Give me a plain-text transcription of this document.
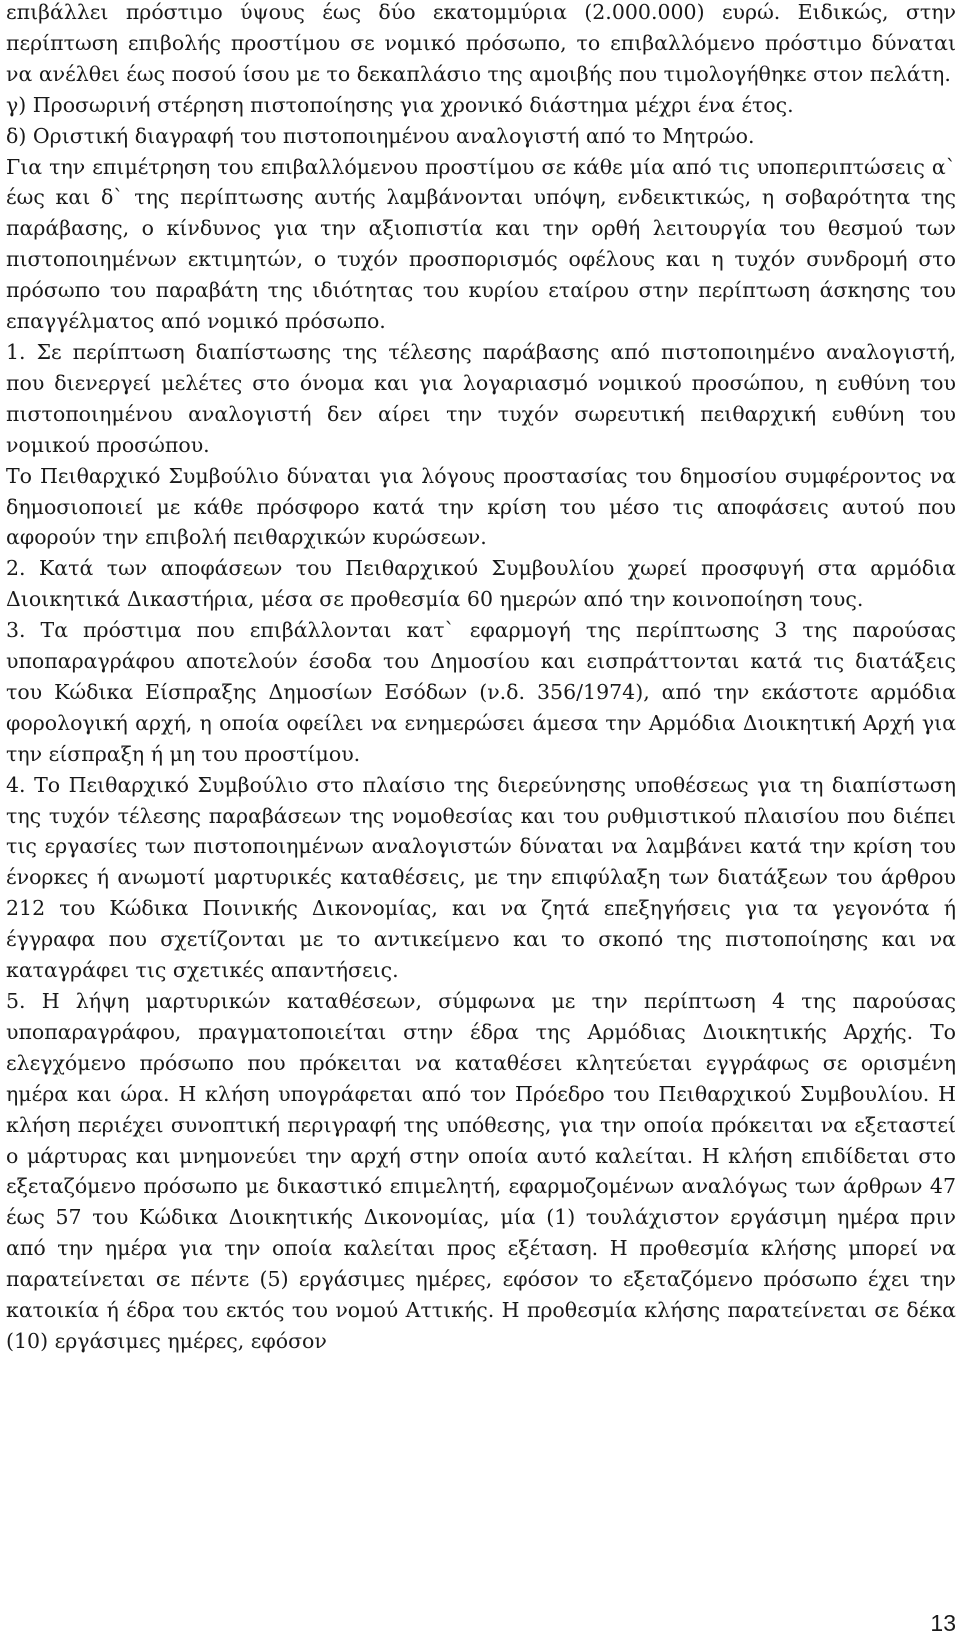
επιβάλλει πρόστιμο ύψους έως δύο εκατομμύρια (2.000.000) ευρώ. Ειδικώς, στην περίπτωση επιβολής προστίμου σε νομικό πρόσωπο, το επιβαλλόμενο πρόστιμο δύναται να ανέλθει έως ποσού ίσου με το δεκαπλάσιο της αμοιβής που τιμολογήθηκε στον πελάτη.

γ) Προσωρινή στέρηση πιστοποίησης για χρονικό διάστημα μέχρι ένα έτος.

δ) Οριστική διαγραφή του πιστοποιημένου αναλογιστή από το Μητρώο.

Για την επιμέτρηση του επιβαλλόμενου προστίμου σε κάθε μία από τις υποπεριπτώσεις α` έως και δ` της περίπτωσης αυτής λαμβάνονται υπόψη, ενδεικτικώς, η σοβαρότητα της παράβασης, ο κίνδυνος για την αξιοπιστία και την ορθή λειτουργία του θεσμού των πιστοποιημένων εκτιμητών, ο τυχόν προσπορισμός οφέλους και η τυχόν συνδρομή στο πρόσωπο του παραβάτη της ιδιότητας του κυρίου εταίρου στην περίπτωση άσκησης του επαγγέλματος από νομικό πρόσωπο.

1. Σε περίπτωση διαπίστωσης της τέλεσης παράβασης από πιστοποιημένο αναλογιστή, που διενεργεί μελέτες στο όνομα και για λογαριασμό νομικού προσώπου, η ευθύνη του πιστοποιημένου αναλογιστή δεν αίρει την τυχόν σωρευτική πειθαρχική ευθύνη του νομικού προσώπου.

Το Πειθαρχικό Συμβούλιο δύναται για λόγους προστασίας του δημοσίου συμφέροντος να δημοσιοποιεί με κάθε πρόσφορο κατά την κρίση του μέσο τις αποφάσεις αυτού που αφορούν την επιβολή πειθαρχικών κυρώσεων.

2. Κατά των αποφάσεων του Πειθαρχικού Συμβουλίου χωρεί προσφυγή στα αρμόδια Διοικητικά Δικαστήρια, μέσα σε προθεσμία 60 ημερών από την κοινοποίηση τους.

3. Τα πρόστιμα που επιβάλλονται κατ` εφαρμογή της περίπτωσης 3 της παρούσας υποπαραγράφου αποτελούν έσοδα του Δημοσίου και εισπράττονται κατά τις διατάξεις του Κώδικα Είσπραξης Δημοσίων Εσόδων (ν.δ. 356/1974), από την εκάστοτε αρμόδια φορολογική αρχή, η οποία οφείλει να ενημερώσει άμεσα την Αρμόδια Διοικητική Αρχή για την είσπραξη ή μη του προστίμου.

4. Το Πειθαρχικό Συμβούλιο στο πλαίσιο της διερεύνησης υποθέσεως για τη διαπίστωση της τυχόν τέλεσης παραβάσεων της νομοθεσίας και του ρυθμιστικού πλαισίου που διέπει τις εργασίες των πιστοποιημένων αναλογιστών δύναται να λαμβάνει κατά την κρίση του ένορκες ή ανωμοτί μαρτυρικές καταθέσεις, με την επιφύλαξη των διατάξεων του άρθρου 212 του Κώδικα Ποινικής Δικονομίας, και να ζητά επεξηγήσεις για τα γεγονότα ή έγγραφα που σχετίζονται με το αντικείμενο και το σκοπό της πιστοποίησης και να καταγράφει τις σχετικές απαντήσεις.

5. Η λήψη μαρτυρικών καταθέσεων, σύμφωνα με την περίπτωση 4 της παρούσας υποπαραγράφου, πραγματοποιείται στην έδρα της Αρμόδιας Διοικητικής Αρχής. Το ελεγχόμενο πρόσωπο που πρόκειται να καταθέσει κλητεύεται εγγράφως σε ορισμένη ημέρα και ώρα. Η κλήση υπογράφεται από τον Πρόεδρο του Πειθαρχικού Συμβουλίου. Η κλήση περιέχει συνοπτική περιγραφή της υπόθεσης, για την οποία πρόκειται να εξεταστεί ο μάρτυρας και μνημονεύει την αρχή στην οποία αυτό καλείται. Η κλήση επιδίδεται στο εξεταζόμενο πρόσωπο με δικαστικό επιμελητή, εφαρμοζομένων αναλόγως των άρθρων 47 έως 57 του Κώδικα Διοικητικής Δικονομίας, μία (1) τουλάχιστον εργάσιμη ημέρα πριν από την ημέρα για την οποία καλείται προς εξέταση. Η προθεσμία κλήσης μπορεί να παρατείνεται σε πέντε (5) εργάσιμες ημέρες, εφόσον το εξεταζόμενο πρόσωπο έχει την κατοικία ή έδρα του εκτός του νομού Αττικής. Η προθεσμία κλήσης παρατείνεται σε δέκα (10) εργάσιμες ημέρες, εφόσον

13
